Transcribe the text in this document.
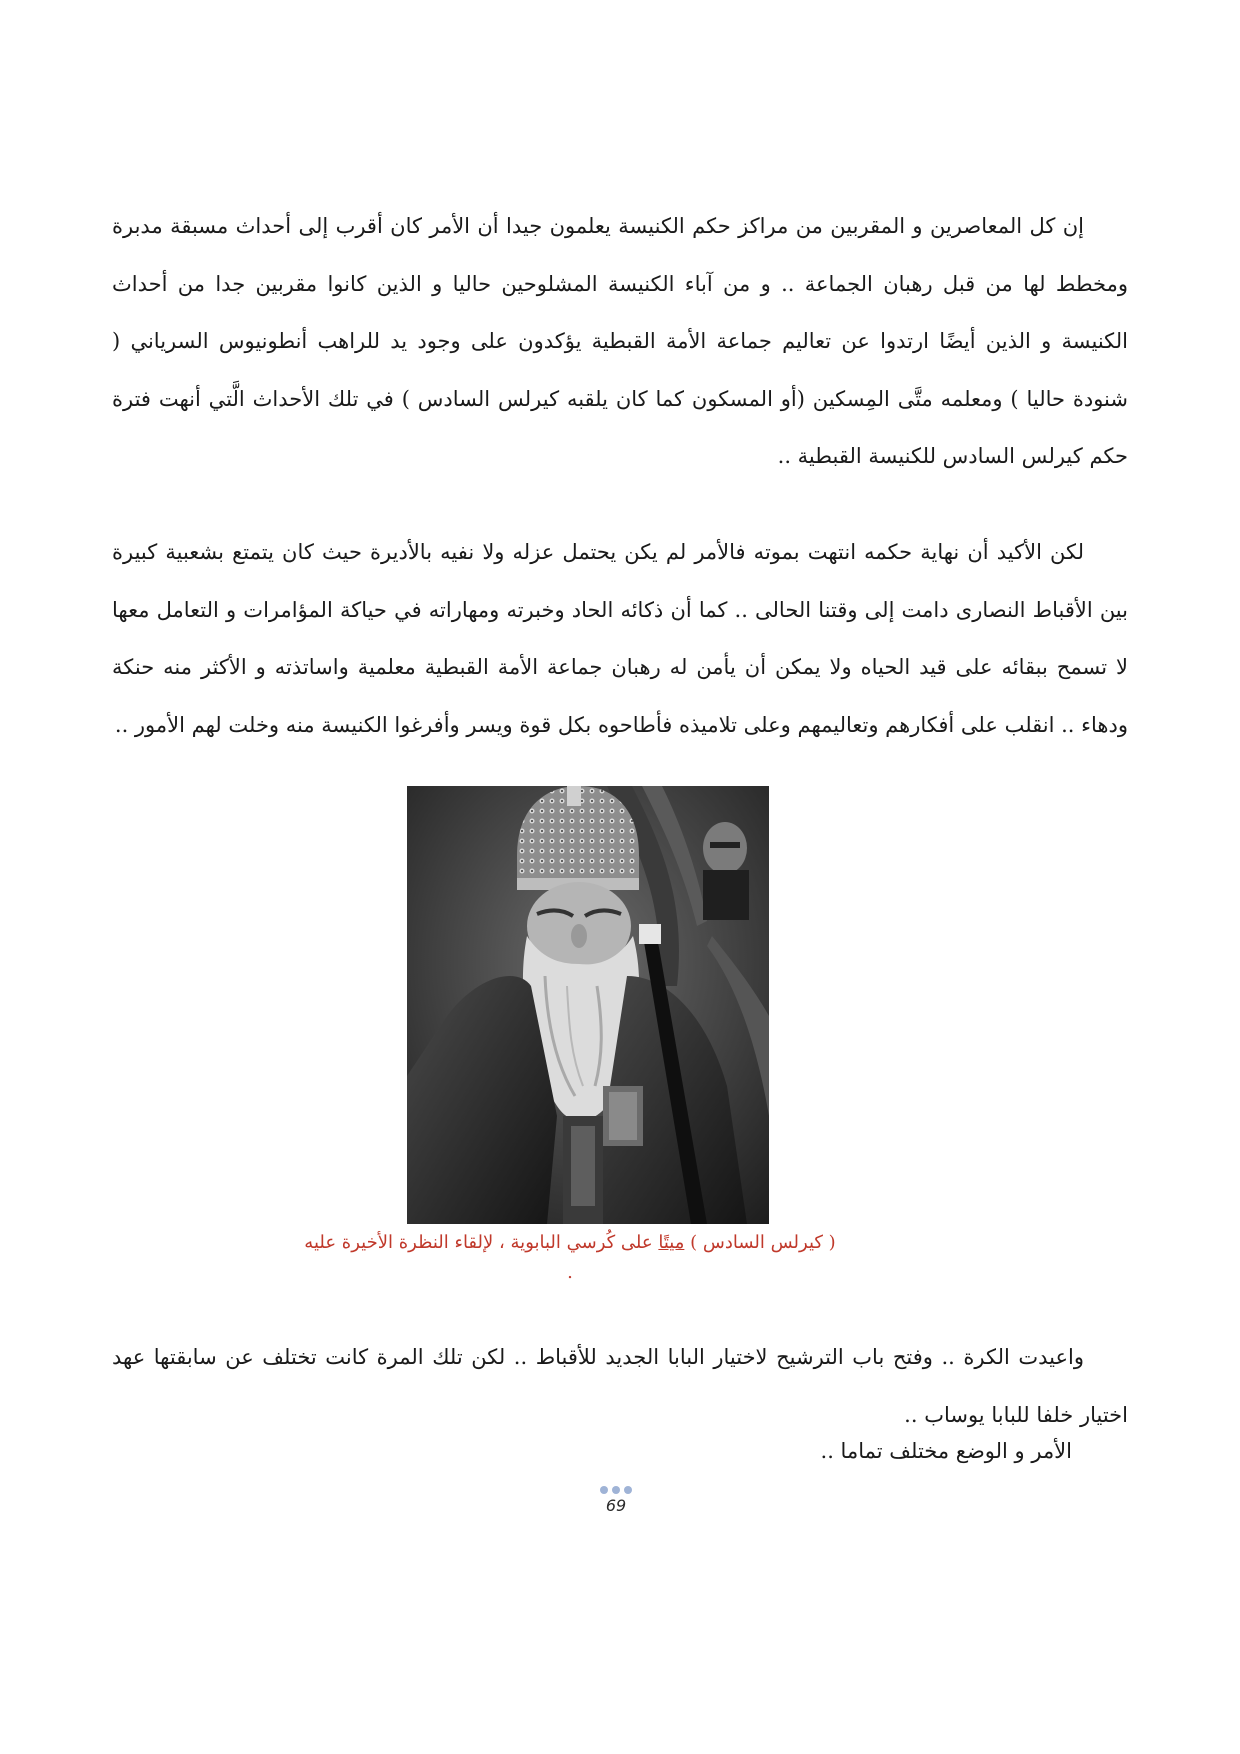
إن كل المعاصرين و المقربين من مراكز حكم الكنيسة يعلمون جيدا أن الأمر كان أقرب إلى أحداث مسبقة مدبرة ومخطط لها من قبل رهبان الجماعة .. و من آباء الكنيسة المشلوحين حاليا و الذين كانوا مقربين جدا من أحداث الكنيسة و الذين أيضًا ارتدوا عن تعاليم جماعة الأمة القبطية يؤكدون على وجود يد للراهب أنطونيوس السرياني ( شنودة حاليا ) ومعلمه متَّى المِسكين (أو المسكون كما كان يلقبه كيرلس السادس ) في تلك الأحداث الَّتي أنهت فترة حكم كيرلس السادس للكنيسة القبطية ..

لكن الأكيد أن نهاية حكمه انتهت بموته فالأمر لم يكن يحتمل عزله ولا نفيه بالأديرة حيث كان يتمتع بشعبية كبيرة بين الأقباط النصارى دامت إلى وقتنا الحالى .. كما أن ذكائه الحاد وخبرته ومهاراته في حياكة المؤامرات و التعامل معها لا تسمح ببقائه على قيد الحياه ولا يمكن أن يأمن له رهبان جماعة الأمة القبطية معلمية واساتذته و الأكثر منه حنكة ودهاء .. انقلب على أفكارهم وتعاليمهم وعلى تلاميذه فأطاحوه بكل قوة ويسر وأفرغوا الكنيسة منه وخلت لهم الأمور ..

( كيرلس السادس ) ميتًا على كُرسي البابوية ، لإلقاء النظرة الأخيرة عليه .

واعيدت الكرة .. وفتح باب الترشيح لاختيار البابا الجديد للأقباط .. لكن تلك المرة كانت تختلف عن سابقتها عهد اختيار خلفا للبابا يوساب ..

الأمر و الوضع مختلف تماما ..

69
